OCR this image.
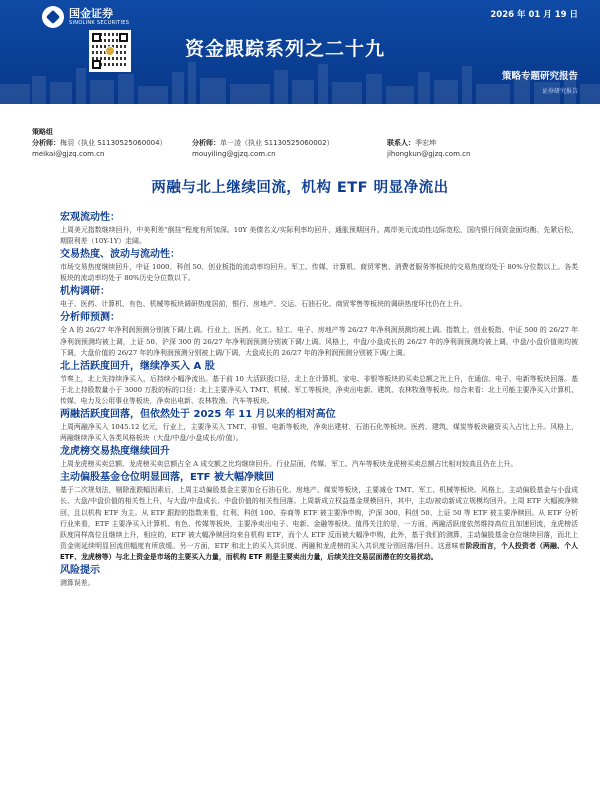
国金证券
SINOLINK SECURITIES
2026 年 01 月 19 日
资金跟踪系列之二十九
策略专题研究报告
证券研究报告
策略组
分析师：梅羽（执业 S1130525060004）	分析师：单一凌（执业 S1130525060002）	联系人：季宏坤
meikai@gjzq.com.cn	mouyiling@gjzq.com.cn	jihongkun@gjzq.com.cn
两融与北上继续回流，机构 ETF 明显净流出
宏观流动性：

上周美元指数继续回升，中美利差“倒挂”程度有所加深。10Y 美债名义/实际利率均回升，通胀预期回升。离岸美元流动性边际宽松，国内银行间资金面均衡、先紧后松，期限利差（10Y-1Y）走阔。

交易热度、波动与流动性：

市场交易热度继续回升，中证 1000、科创 50、创业板指的流动率均回升。军工、传媒、计算机、商贸零售、消费者服务等板块的交易热度均处于 80%分位数以上。各类板块的流动率均处于 80%历史分位数以下。

机构调研：

电子、医药、计算机、有色、机械等板块调研热度居前，银行、房地产、交运、石油石化、商贸零售等板块的调研热度环比仍在上升。

分析师预测：

全 A 的 26/27 年净利润预测分别被下调/上调。行业上，医药、化工、轻工、电子、房地产等 26/27 年净利润预测均被上调。指数上，创业板指、中证 500 的 26/27 年净利润预测均被上调，上证 50、沪深 300 的 26/27 年净利润预测分别被下调/上调。风格上，中盘/小盘成长的 26/27 年的净利润预测均被上调，中盘/小盘价值则均被下调，大盘价值的 26/27 年的净利润预测分别被上调/下调，大盘成长的 26/27 年的净利润预测分别被下调/上调。

北上活跃度回升，继续净买入 A 股

节奏上，北上先持续净买入，后持续小幅净流出。基于前 10 大活跃股口径，北上在计算机、家电、非银等板块的买卖总额之比上升，在通信、电子、电新等板块回落。基于北上持股数量小于 3000 万股的标的口径：北上主要净买入 TMT、机械、军工等板块，净卖出电新、建筑、农林牧渔等板块。综合来看：北上可能主要净买入计算机、传媒、电力及公用事业等板块，净卖出电新、农林牧渔、汽车等板块。

两融活跃度回落，但依然处于 2025 年 11 月以来的相对高位

上周两融净买入 1045.12 亿元，行业上，主要净买入 TMT、非银、电新等板块，净卖出建材、石油石化等板块。医药、建筑、煤炭等板块融资买入占比上升。风格上，两融继续净买入各类风格板块（大盘/中盘/小盘成长/价值）。

龙虎榜交易热度继续回升

上周龙虎榜买卖总额、龙虎榜买卖总额占全 A 成交额之比均继续回升。行业层面，传媒、军工、汽车等板块龙虎榜买卖总额占比相对较高且仍在上升。

主动偏股基金仓位明显回落，ETF 被大幅净赎回

基于二次规划法，剔除涨跌幅因素后，上周主动偏股基金主要加仓石油石化、房地产、煤炭等板块，主要减仓 TMT、军工、机械等板块。风格上，主动偏股基金与小盘成长、大盘/中盘价值的相关性上升，与大盘/中盘成长、中盘价值的相关性回落。上周新成立权益基金规模回升，其中，主动/被动新成立规模均回升。上周 ETF 大幅被净赎回，且以机构 ETF 为主。从 ETF 跟踪的指数来看，红利、科创 100、券商等 ETF 被主要净申购，沪深 300、科创 50、上证 50 等 ETF 被主要净赎回。从 ETF 分析行业来看，ETF 主要净买入计算机、有色、传媒等板块，主要净卖出电子、电新、金融等板块。值得关注的是，一方面，两融活跃度依然维持高位且加速回流，龙虎榜活跃度同样高位且继续上升，相应的，ETF 被大幅净赎回均来自机构 ETF，而个人 ETF 反而被大幅净申购，此外，基于我们的测算，主动偏股基金仓位继续回落，而北上资金则延续明显回流但幅度有所放缓。另一方面，ETF 和北上的买入共识度、两融和龙虎榜的买入共识度分别回落/回升。这意味着阶段而言，个人投资者（两融、个人 ETF、龙虎榜等）与北上资金是市场的主要买入力量，而机构 ETF 则是主要卖出力量，后续关注交易层面潜在的交易扰动。

风险提示

测算误差。
